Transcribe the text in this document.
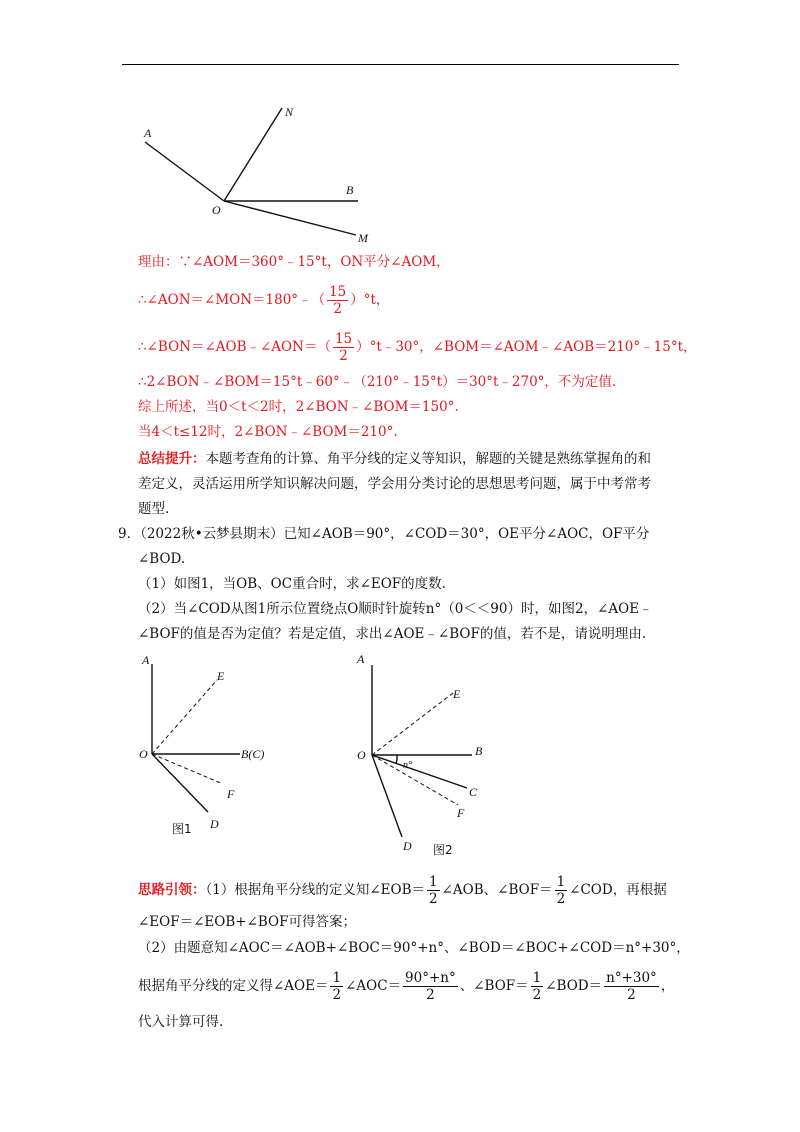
A
N
B
O
M
理由：∵∠AOM＝360°﹣15°t，ON平分∠AOM，
∴∠AON＝∠MON＝180°﹣（ $\frac{15}{2} )^\circ t$，
∴∠BON＝∠AOB﹣∠AON＝（ $\frac{15}{2}$ ）°t﹣30°，∠BOM＝∠AOM﹣∠AOB＝210°﹣15°t，
∴2∠BON﹣∠BOM＝15°t﹣60°﹣（210°﹣15°t）＝30°t﹣270°，不为定值.
综上所述，当0＜t＜2时，2∠BON﹣∠BOM＝150°.
当4＜t≤12时，2∠BON﹣∠BOM＝210°.
总结提升：本题考查角的计算、角平分线的定义等知识，解题的关键是熟练掌握角的和
差定义，灵活运用所学知识解决问题，学会用分类讨论的思想思考问题，属于中考常考
题型.
9．（2022秋•云梦县期末）已知∠AOB＝90°，∠COD＝30°，OE平分∠AOC，OF平分
∠BOD.
（1）如图1，当OB、OC重合时，求∠EOF的度数.
（2）当∠COD从图1所示位置绕点O顺时针旋转n°（0＜＜90）时，如图2，∠AOE﹣
∠BOF的值是否为定值？若是定值，求出∠AOE﹣∠BOF的值，若不是，请说明理由.
A
E
O	B(C)
F
D
图1
A
E
O	B
n°
C
F
D 图2
思路引领：（1）根据角平分线的定义知∠EOB＝ $\frac{1}{2}$ ∠AOB、∠BOF＝ $\frac{1}{2}$ ∠COD，再根据
∠EOF＝∠EOB+∠BOF可得答案；
（2）由题意知∠AOC＝∠AOB+∠BOC＝90°+n°、∠BOD＝∠BOC+∠COD＝n°+30°，
根据角平分线的定义得∠AOE＝ $\frac{1}{2}$ ∠AOC＝ $\frac{90^\circ+n^\circ}{2}$ 、∠BOF＝ $\frac{1}{2}$ ∠BOD＝ $\frac{n^\circ+30^\circ}{2}$ ，
代入计算可得.
